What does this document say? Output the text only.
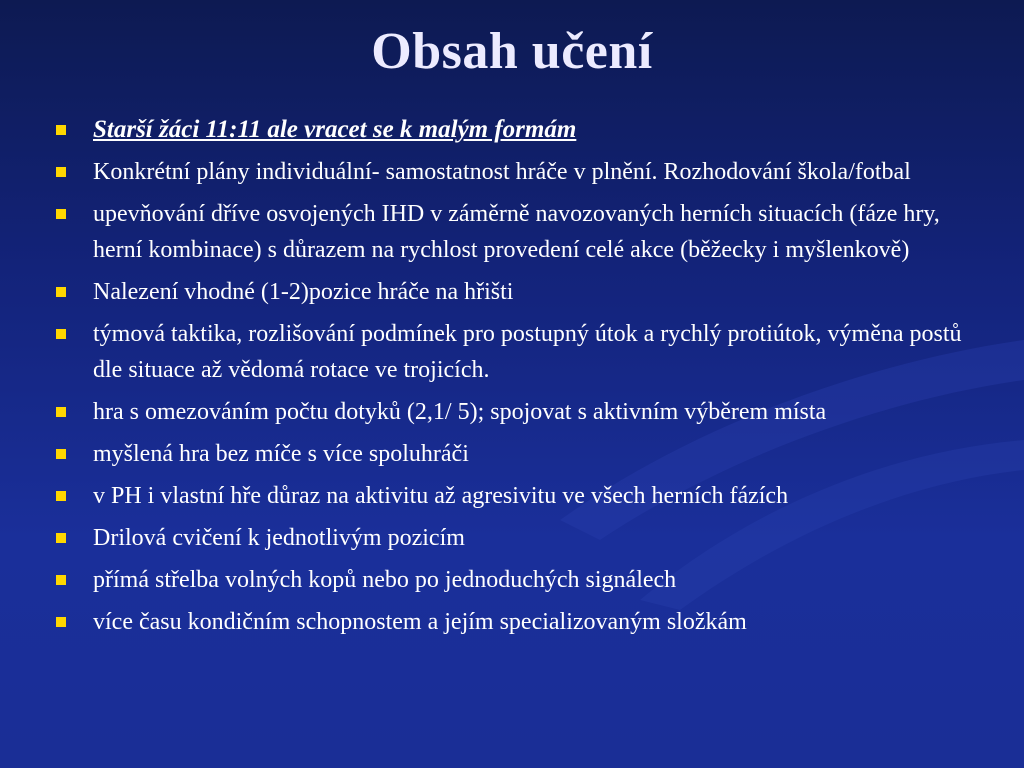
Obsah učení
Starší žáci 11:11 ale vracet se k malým formám
Konkrétní plány individuální- samostatnost hráče v plnění. Rozhodování škola/fotbal
upevňování dříve osvojených IHD v záměrně navozovaných herních situacích (fáze hry, herní kombinace) s důrazem na rychlost provedení celé akce (běžecky i myšlenkově)
Nalezení vhodné (1-2)pozice hráče na hřišti
týmová taktika, rozlišování podmínek pro postupný útok a rychlý protiútok, výměna postů dle situace až vědomá rotace ve trojicích.
hra s omezováním počtu dotyků (2,1/ 5); spojovat s aktivním výběrem místa
myšlená hra bez míče s více spoluhráči
v PH i vlastní hře důraz na aktivitu až agresivitu ve všech herních fázích
Drilová cvičení k jednotlivým pozicím
přímá střelba volných kopů nebo po jednoduchých signálech
více času kondičním schopnostem a jejím specializovaným složkám
